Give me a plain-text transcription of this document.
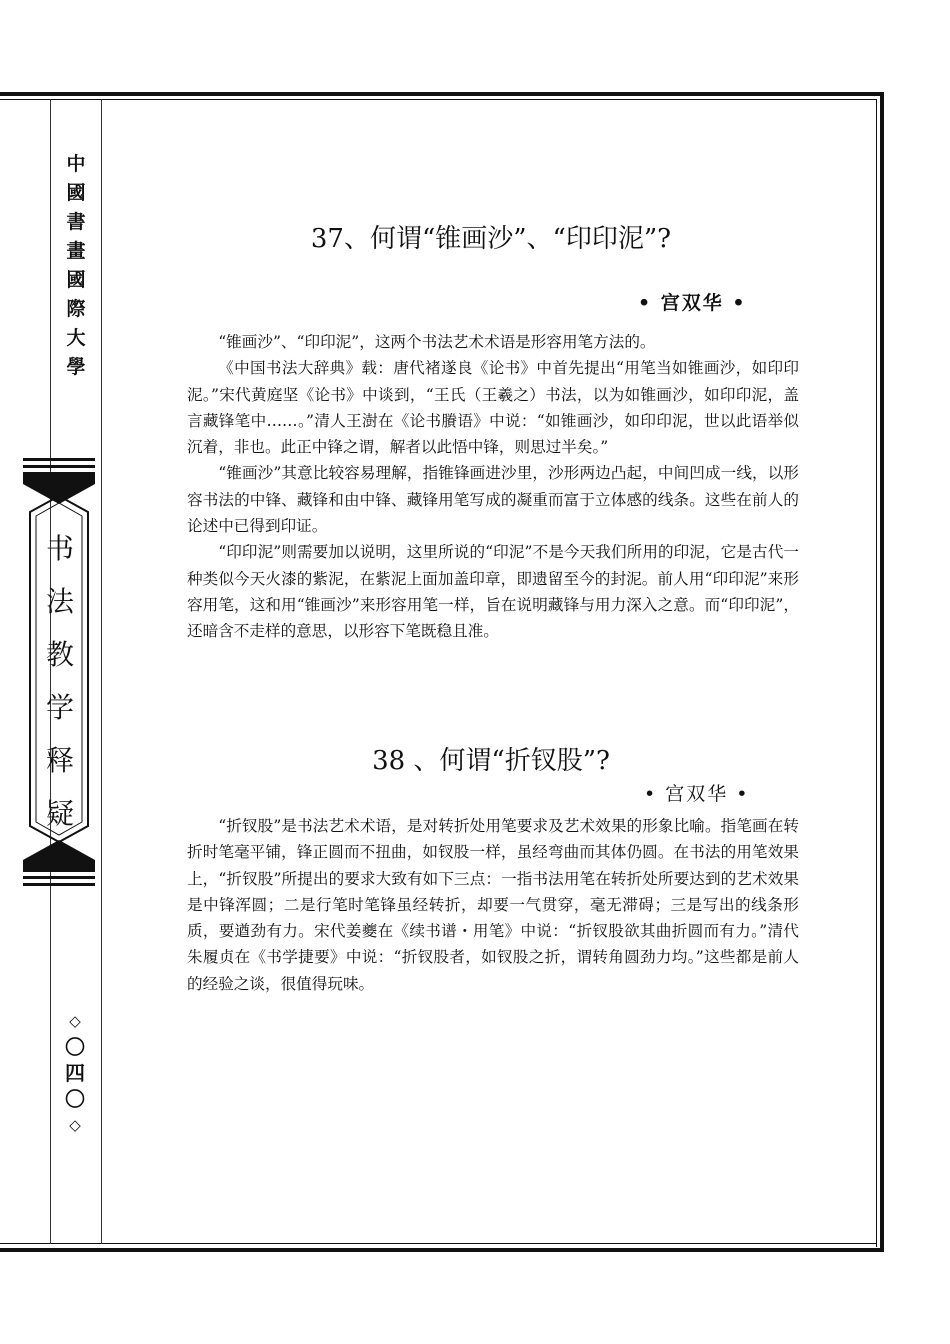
中
國
書
畫
國
際
大
學
书
法
教
学
释
疑
◇
〇
四
〇
◇
37、何谓“锥画沙”、“印印泥”?
• 宫双华 •

“锥画沙”、“印印泥”，这两个书法艺术术语是形容用笔方法的。

《中国书法大辞典》载：唐代褚遂良《论书》中首先提出“用笔当如锥画沙，如印印泥。”宋代黄庭坚《论书》中谈到，“王氏（王羲之）书法，以为如锥画沙，如印印泥，盖言藏锋笔中……。”清人王澍在《论书賸语》中说：“如锥画沙，如印印泥，世以此语举似沉着，非也。此正中锋之谓，解者以此悟中锋，则思过半矣。”

“锥画沙”其意比较容易理解，指锥锋画进沙里，沙形两边凸起，中间凹成一线，以形容书法的中锋、藏锋和由中锋、藏锋用笔写成的凝重而富于立体感的线条。这些在前人的论述中已得到印证。

“印印泥”则需要加以说明，这里所说的“印泥”不是今天我们所用的印泥，它是古代一种类似今天火漆的紫泥，在紫泥上面加盖印章，即遗留至今的封泥。前人用“印印泥”来形容用笔，这和用“锥画沙”来形容用笔一样，旨在说明藏锋与用力深入之意。而“印印泥”，还暗含不走样的意思，以形容下笔既稳且准。

38 、何谓“折钗股”?
• 宫双华 •

“折钗股”是书法艺术术语，是对转折处用笔要求及艺术效果的形象比喻。指笔画在转折时笔毫平铺，锋正圆而不扭曲，如钗股一样，虽经弯曲而其体仍圆。在书法的用笔效果上，“折钗股”所提出的要求大致有如下三点：一指书法用笔在转折处所要达到的艺术效果是中锋浑圆；二是行笔时笔锋虽经转折，却要一气贯穿，毫无滞碍；三是写出的线条形质，要遒劲有力。宋代姜夔在《续书谱・用笔》中说：“折钗股欲其曲折圆而有力。”清代朱履贞在《书学捷要》中说：“折钗股者，如钗股之折，谓转角圆劲力均。”这些都是前人的经验之谈，很值得玩味。
